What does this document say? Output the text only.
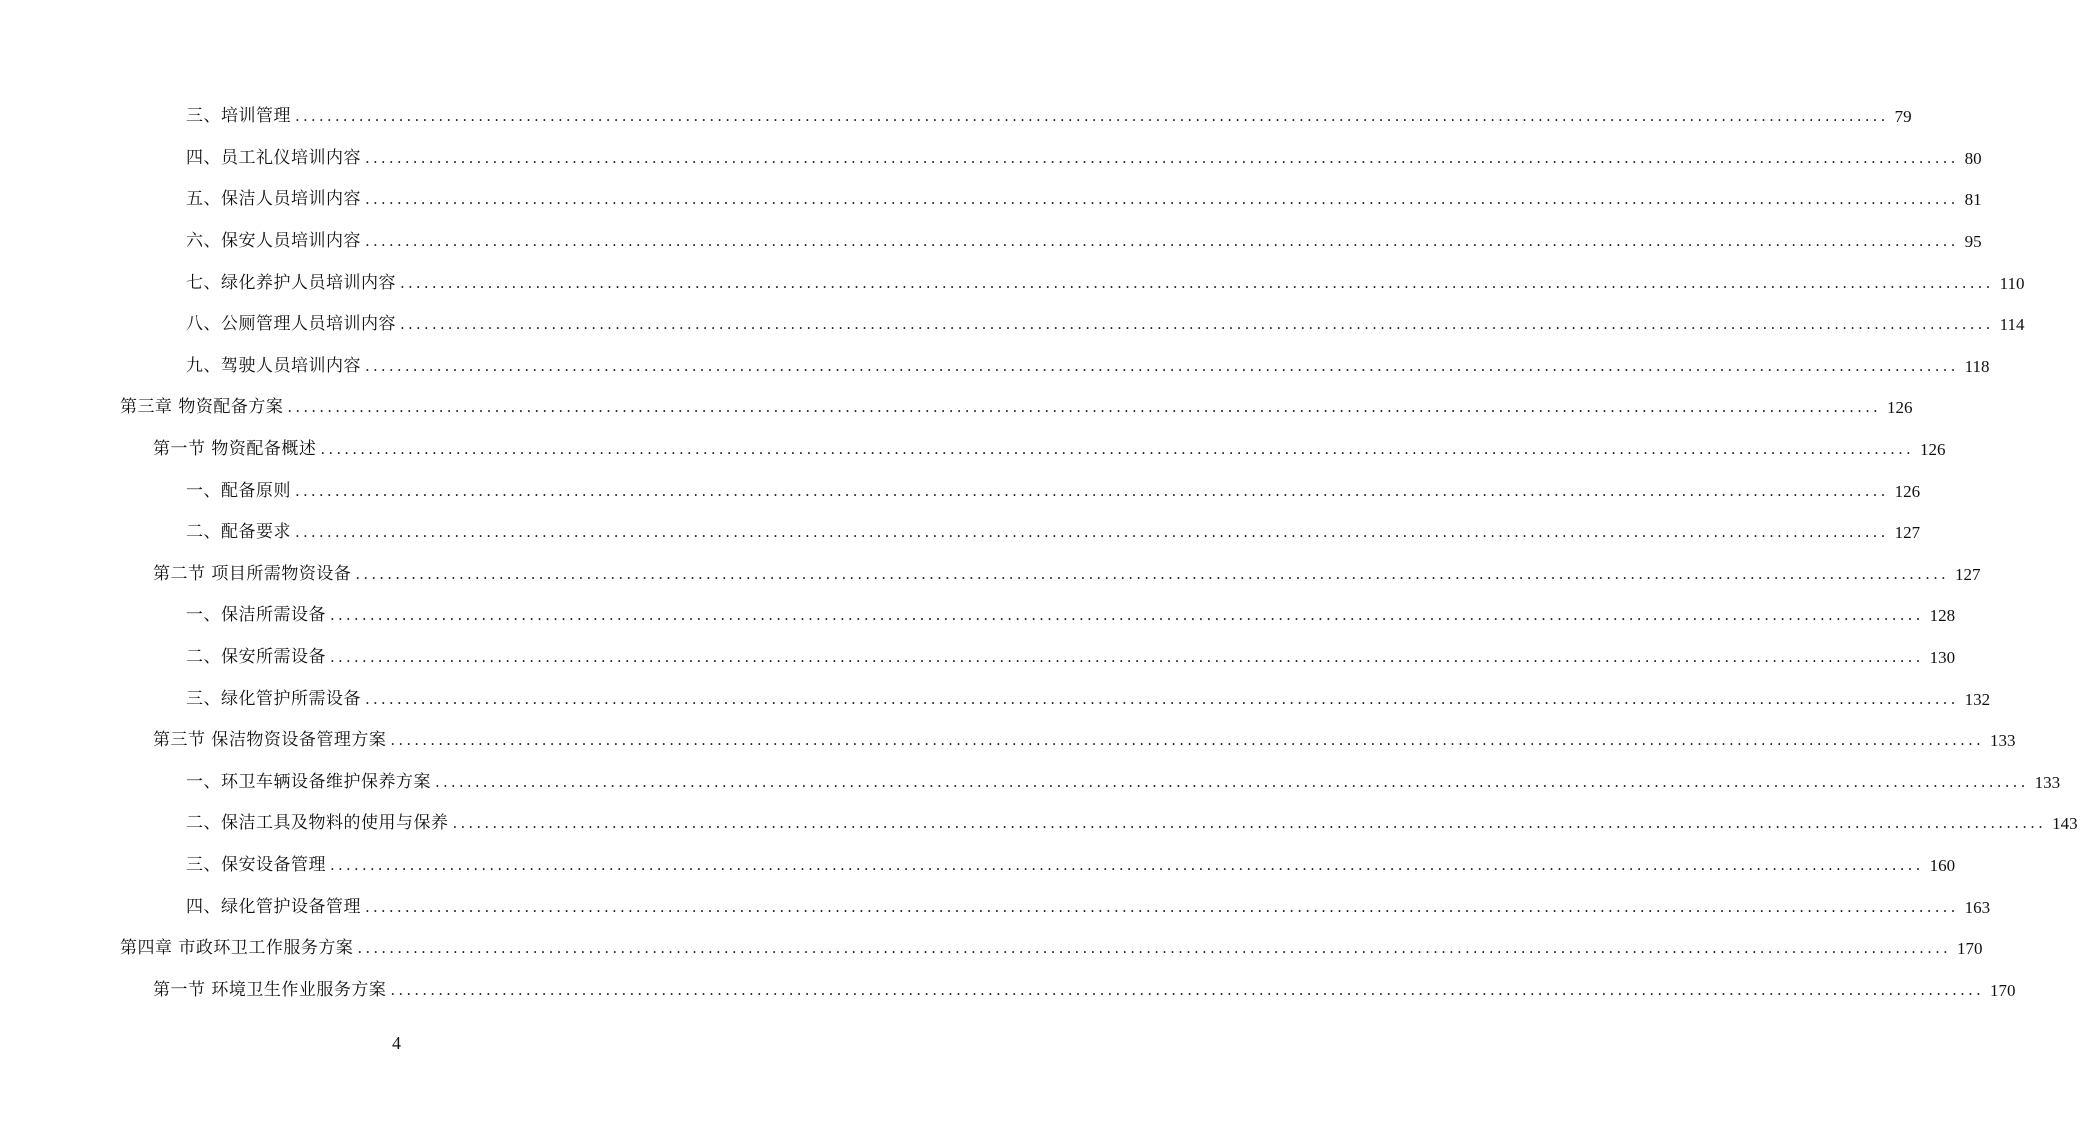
三、培训管理 ........................................................................................................................................................................................................ 79
四、员工礼仪培训内容 ........................................................................................................................................................................................................ 80
五、保洁人员培训内容 ........................................................................................................................................................................................................ 81
六、保安人员培训内容 ........................................................................................................................................................................................................ 95
七、绿化养护人员培训内容 ........................................................................................................................................................................................................ 110
八、公厕管理人员培训内容 ........................................................................................................................................................................................................ 114
九、驾驶人员培训内容 ........................................................................................................................................................................................................ 118
第三章 物资配备方案 ........................................................................................................................................................................................................ 126
第一节 物资配备概述 ........................................................................................................................................................................................................ 126
一、配备原则 ........................................................................................................................................................................................................ 126
二、配备要求 ........................................................................................................................................................................................................ 127
第二节 项目所需物资设备 ........................................................................................................................................................................................................ 127
一、保洁所需设备 ........................................................................................................................................................................................................ 128
二、保安所需设备 ........................................................................................................................................................................................................ 130
三、绿化管护所需设备 ........................................................................................................................................................................................................ 132
第三节 保洁物资设备管理方案 ........................................................................................................................................................................................................ 133
一、环卫车辆设备维护保养方案 ........................................................................................................................................................................................................ 133
二、保洁工具及物料的使用与保养 ........................................................................................................................................................................................................ 143
三、保安设备管理 ........................................................................................................................................................................................................ 160
四、绿化管护设备管理 ........................................................................................................................................................................................................ 163
第四章 市政环卫工作服务方案 ........................................................................................................................................................................................................ 170
第一节 环境卫生作业服务方案 ........................................................................................................................................................................................................ 170
4
